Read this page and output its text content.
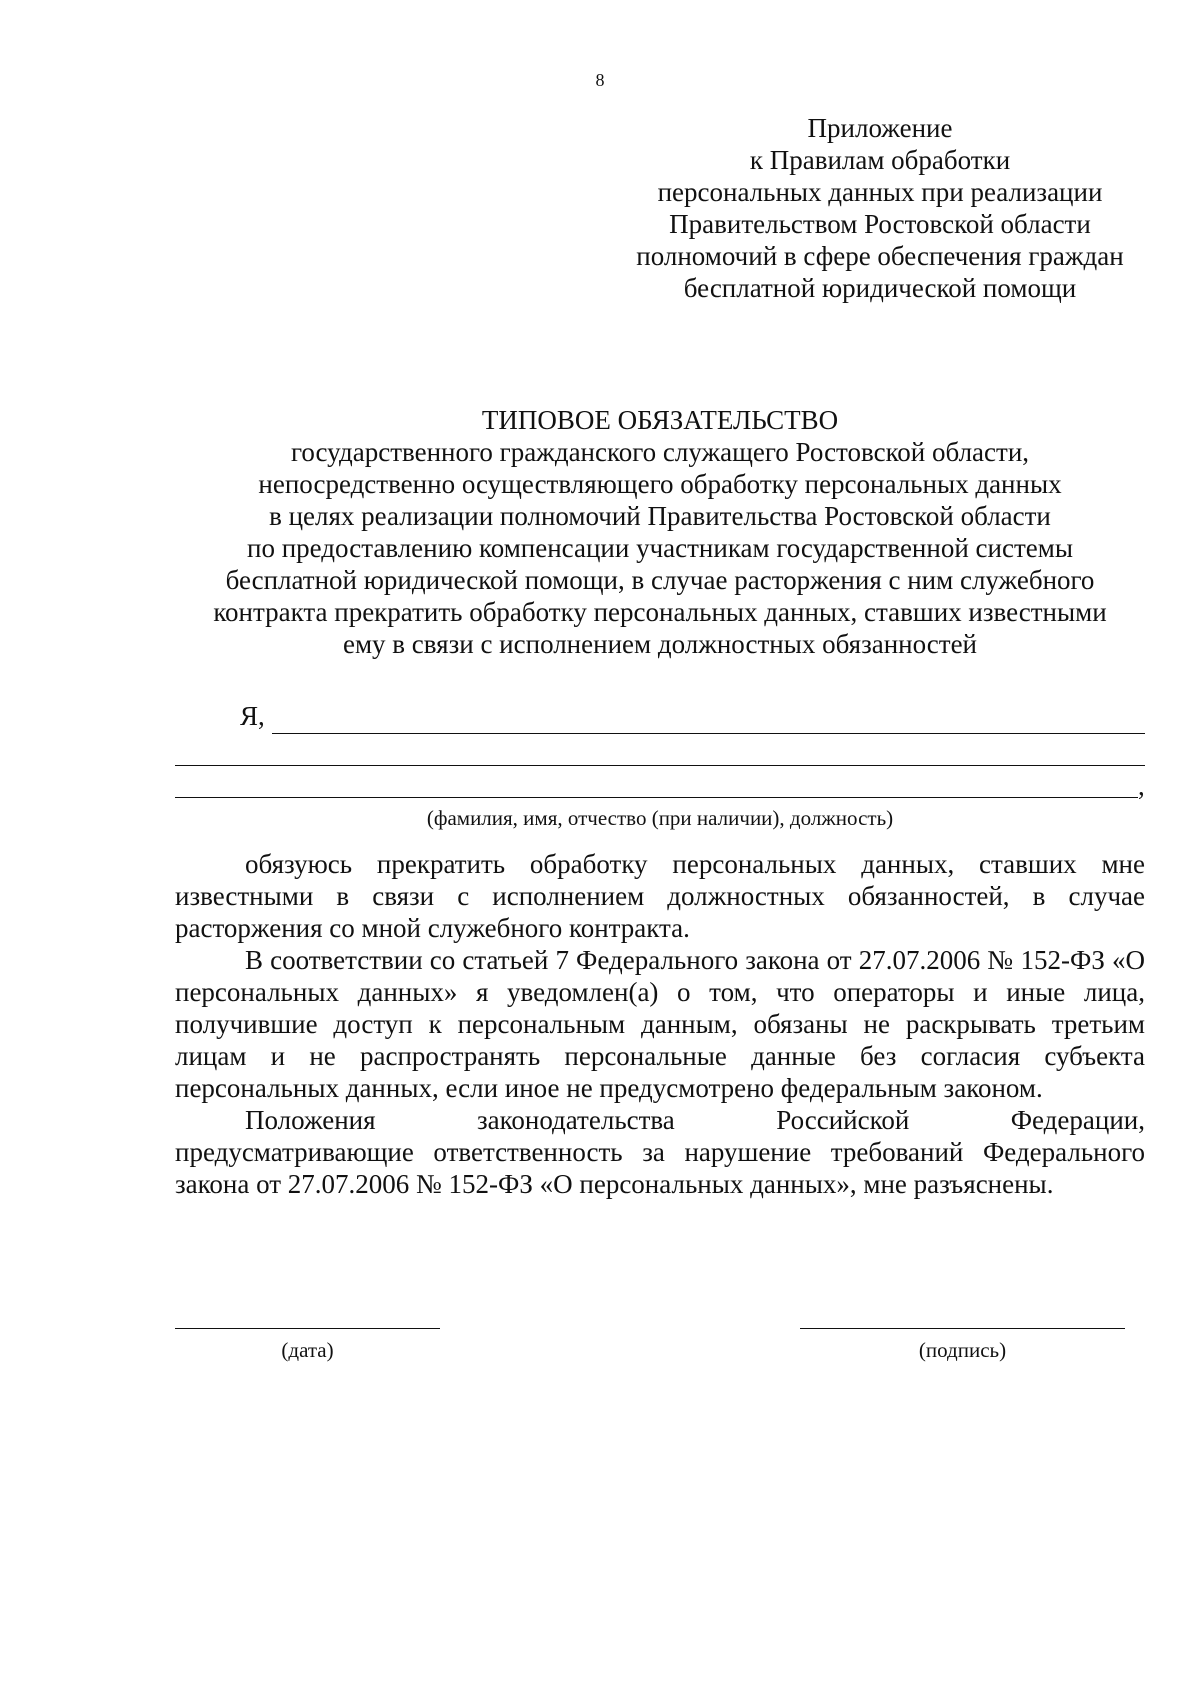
8
Приложение
к Правилам обработки
персональных данных при реализации
Правительством Ростовской области
полномочий в сфере обеспечения граждан
бесплатной юридической помощи
ТИПОВОЕ ОБЯЗАТЕЛЬСТВО
государственного гражданского служащего Ростовской области,
непосредственно осуществляющего обработку персональных данных
в целях реализации полномочий Правительства Ростовской области
по предоставлению компенсации участникам государственной системы
бесплатной юридической помощи, в случае расторжения с ним служебного
контракта прекратить обработку персональных данных, ставших известными
ему в связи с исполнением должностных обязанностей
Я,
,
(фамилия, имя, отчество (при наличии), должность)

обязуюсь прекратить обработку персональных данных, ставших мне известными в связи с исполнением должностных обязанностей, в случае расторжения со мной служебного контракта.

В соответствии со статьей 7 Федерального закона от 27.07.2006 № 152-ФЗ «О персональных данных» я уведомлен(а) о том, что операторы и иные лица, получившие доступ к персональным данным, обязаны не раскрывать третьим лицам и не распространять персональные данные без согласия субъекта персональных данных, если иное не предусмотрено федеральным законом.

Положения	законодательства	Российской	Федерации,

предусматривающие ответственность за нарушение требований Федерального закона от 27.07.2006 № 152-ФЗ «О персональных данных», мне разъяснены.

(дата)	(подпись)
